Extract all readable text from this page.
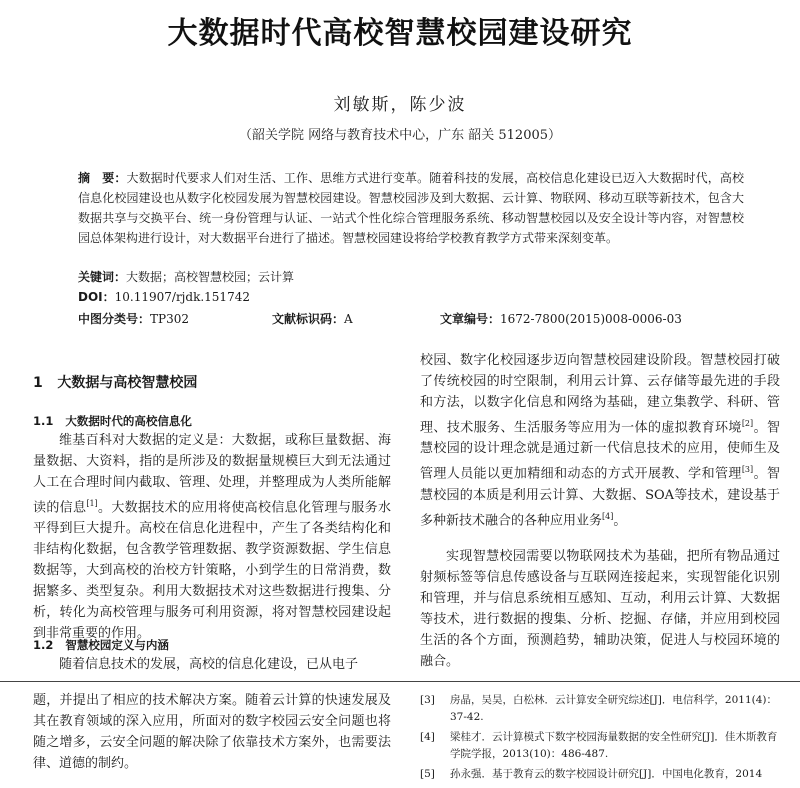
大数据时代高校智慧校园建设研究
刘敏斯，陈少波
（韶关学院 网络与教育技术中心，广东 韶关 512005）
摘　要：大数据时代要求人们对生活、工作、思维方式进行变革。随着科技的发展，高校信息化建设已迈入大数据时代，高校信息化校园建设也从数字化校园发展为智慧校园建设。智慧校园涉及到大数据、云计算、物联网、移动互联等新技术，包含大数据共享与交换平台、统一身份管理与认证、一站式个性化综合管理服务系统、移动智慧校园以及安全设计等内容，对智慧校园总体架构进行设计，对大数据平台进行了描述。智慧校园建设将给学校教育教学方式带来深刻变革。
关键词：大数据；高校智慧校园；云计算
DOI：10.11907/rjdk.151742
中图分类号：TP302	文献标识码：A	文章编号：1672-7800(2015)008-0006-03
1 大数据与高校智慧校园
1.1 大数据时代的高校信息化
维基百科对大数据的定义是：大数据，或称巨量数据、海量数据、大资料，指的是所涉及的数据量规模巨大到无法通过人工在合理时间内截取、管理、处理，并整理成为人类所能解读的信息[1]。大数据技术的应用将使高校信息化管理与服务水平得到巨大提升。高校在信息化进程中，产生了各类结构化和非结构化数据，包含教学管理数据、教学资源数据、学生信息数据等，大到高校的治校方针策略，小到学生的日常消费，数据繁多、类型复杂。利用大数据技术对这些数据进行搜集、分析，转化为高校管理与服务可利用资源，将对智慧校园建设起到非常重要的作用。
1.2 智慧校园定义与内涵
随着信息技术的发展，高校的信息化建设，已从电子
校园、数字化校园逐步迈向智慧校园建设阶段。智慧校园打破了传统校园的时空限制，利用云计算、云存储等最先进的手段和方法，以数字化信息和网络为基础，建立集教学、科研、管理、技术服务、生活服务等应用为一体的虚拟教育环境[2]。智慧校园的设计理念就是通过新一代信息技术的应用，使师生及管理人员能以更加精细和动态的方式开展教、学和管理[3]。智慧校园的本质是利用云计算、大数据、SOA等技术，建设基于多种新技术融合的各种应用业务[4]。
实现智慧校园需要以物联网技术为基础，把所有物品通过射频标签等信息传感设备与互联网连接起来，实现智能化识别和管理，并与信息系统相互感知、互动，利用云计算、大数据等技术，进行数据的搜集、分析、挖掘、存储，并应用到校园生活的各个方面，预测趋势，辅助决策，促进人与校园环境的融合。
题，并提出了相应的技术解决方案。随着云计算的快速发展及其在教育领域的深入应用，所面对的数字校园云安全问题也将随之增多，云安全问题的解决除了依靠技术方案外，也需要法律、道德的制约。
[3]	房晶，吴昊，白松林．云计算安全研究综述[J]．电信科学，2011(4)：37-42.
[4]	梁桂才．云计算模式下数字校园海量数据的安全性研究[J]．佳木斯教育学院学报，2013(10)：486-487.
[5]	孙永强．基于教育云的数字校园设计研究[J]．中国电化教育，2014
